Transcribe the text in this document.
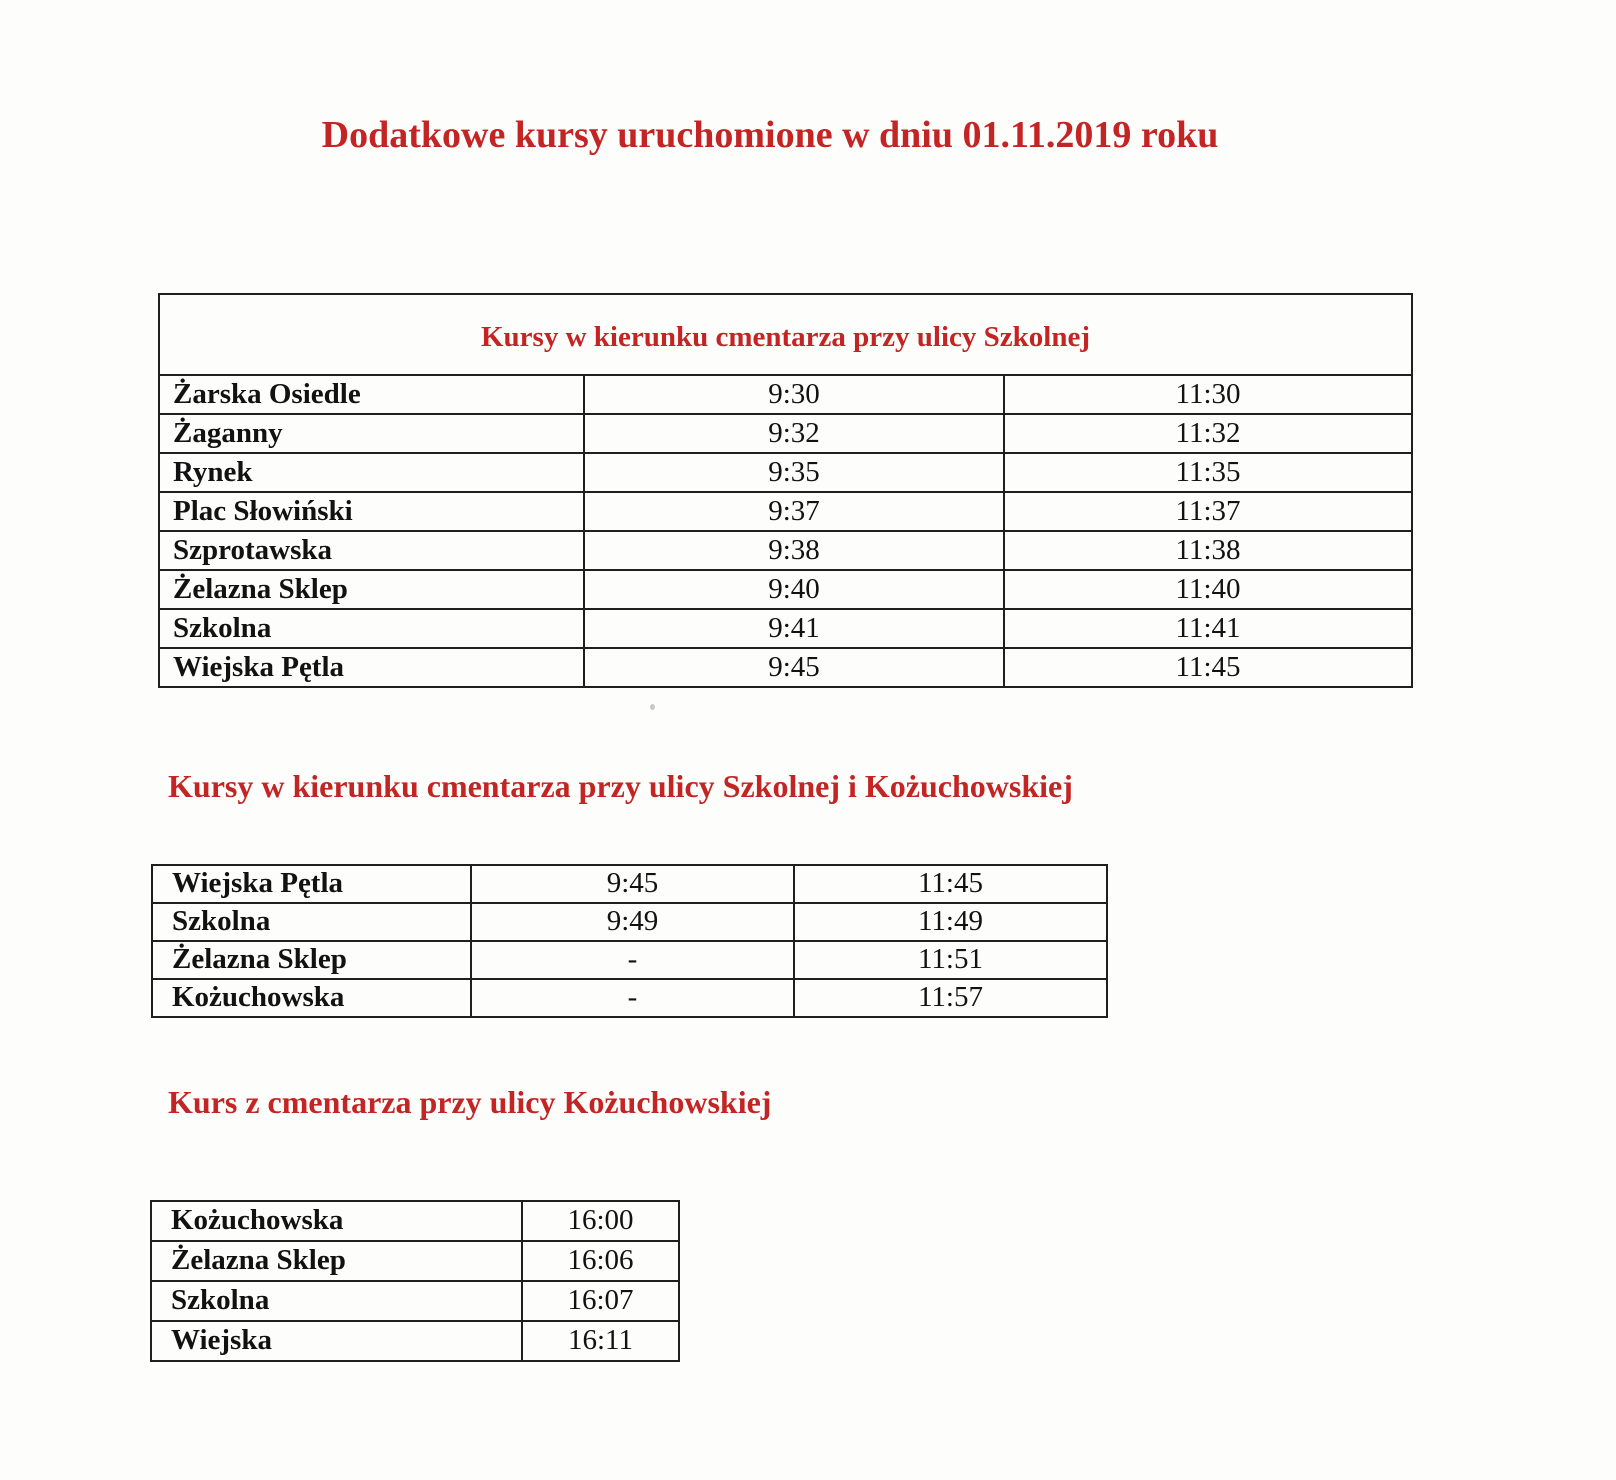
Dodatkowe kursy uruchomione w dniu 01.11.2019 roku
Kursy w kierunku cmentarza przy ulicy Szkolnej		
Żarska Osiedle	9:30	11:30
Żaganny	9:32	11:32
Rynek	9:35	11:35
Plac Słowiński	9:37	11:37
Szprotawska	9:38	11:38
Żelazna Sklep	9:40	11:40
Szkolna	9:41	11:41
Wiejska Pętla	9:45	11:45
Kursy w kierunku cmentarza przy ulicy Szkolnej i Kożuchowskiej
Wiejska Pętla	9:45	11:45
Szkolna	9:49	11:49
Żelazna Sklep	-	11:51
Kożuchowska	-	11:57
Kurs z cmentarza przy ulicy Kożuchowskiej
Kożuchowska	16:00
Żelazna Sklep	16:06
Szkolna	16:07
Wiejska	16:11
